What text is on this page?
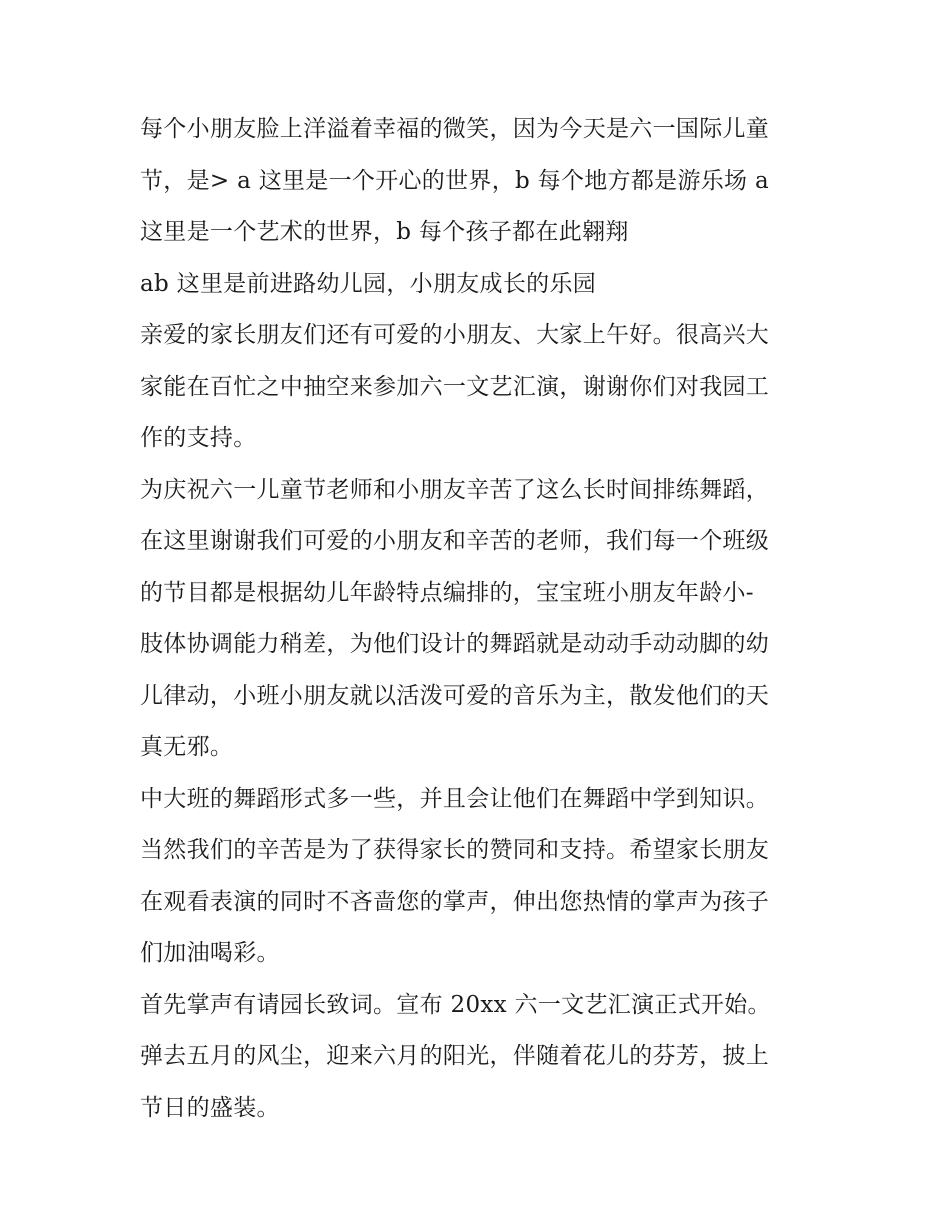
每个小朋友脸上洋溢着幸福的微笑，因为今天是六一国际儿童
节，是> a 这里是一个开心的世界，b 每个地方都是游乐场 a
这里是一个艺术的世界，b 每个孩子都在此翱翔
ab 这里是前进路幼儿园，小朋友成长的乐园
亲爱的家长朋友们还有可爱的小朋友、大家上午好。很高兴大
家能在百忙之中抽空来参加六一文艺汇演，谢谢你们对我园工
作的支持。
为庆祝六一儿童节老师和小朋友辛苦了这么长时间排练舞蹈，
在这里谢谢我们可爱的小朋友和辛苦的老师，我们每一个班级
的节目都是根据幼儿年龄特点编排的，宝宝班小朋友年龄小-
肢体协调能力稍差，为他们设计的舞蹈就是动动手动动脚的幼
儿律动，小班小朋友就以活泼可爱的音乐为主，散发他们的天
真无邪。
中大班的舞蹈形式多一些，并且会让他们在舞蹈中学到知识。
当然我们的辛苦是为了获得家长的赞同和支持。希望家长朋友
在观看表演的同时不吝啬您的掌声，伸出您热情的掌声为孩子
们加油喝彩。
首先掌声有请园长致词。宣布 20xx 六一文艺汇演正式开始。
弹去五月的风尘，迎来六月的阳光，伴随着花儿的芬芳，披上
节日的盛装。
